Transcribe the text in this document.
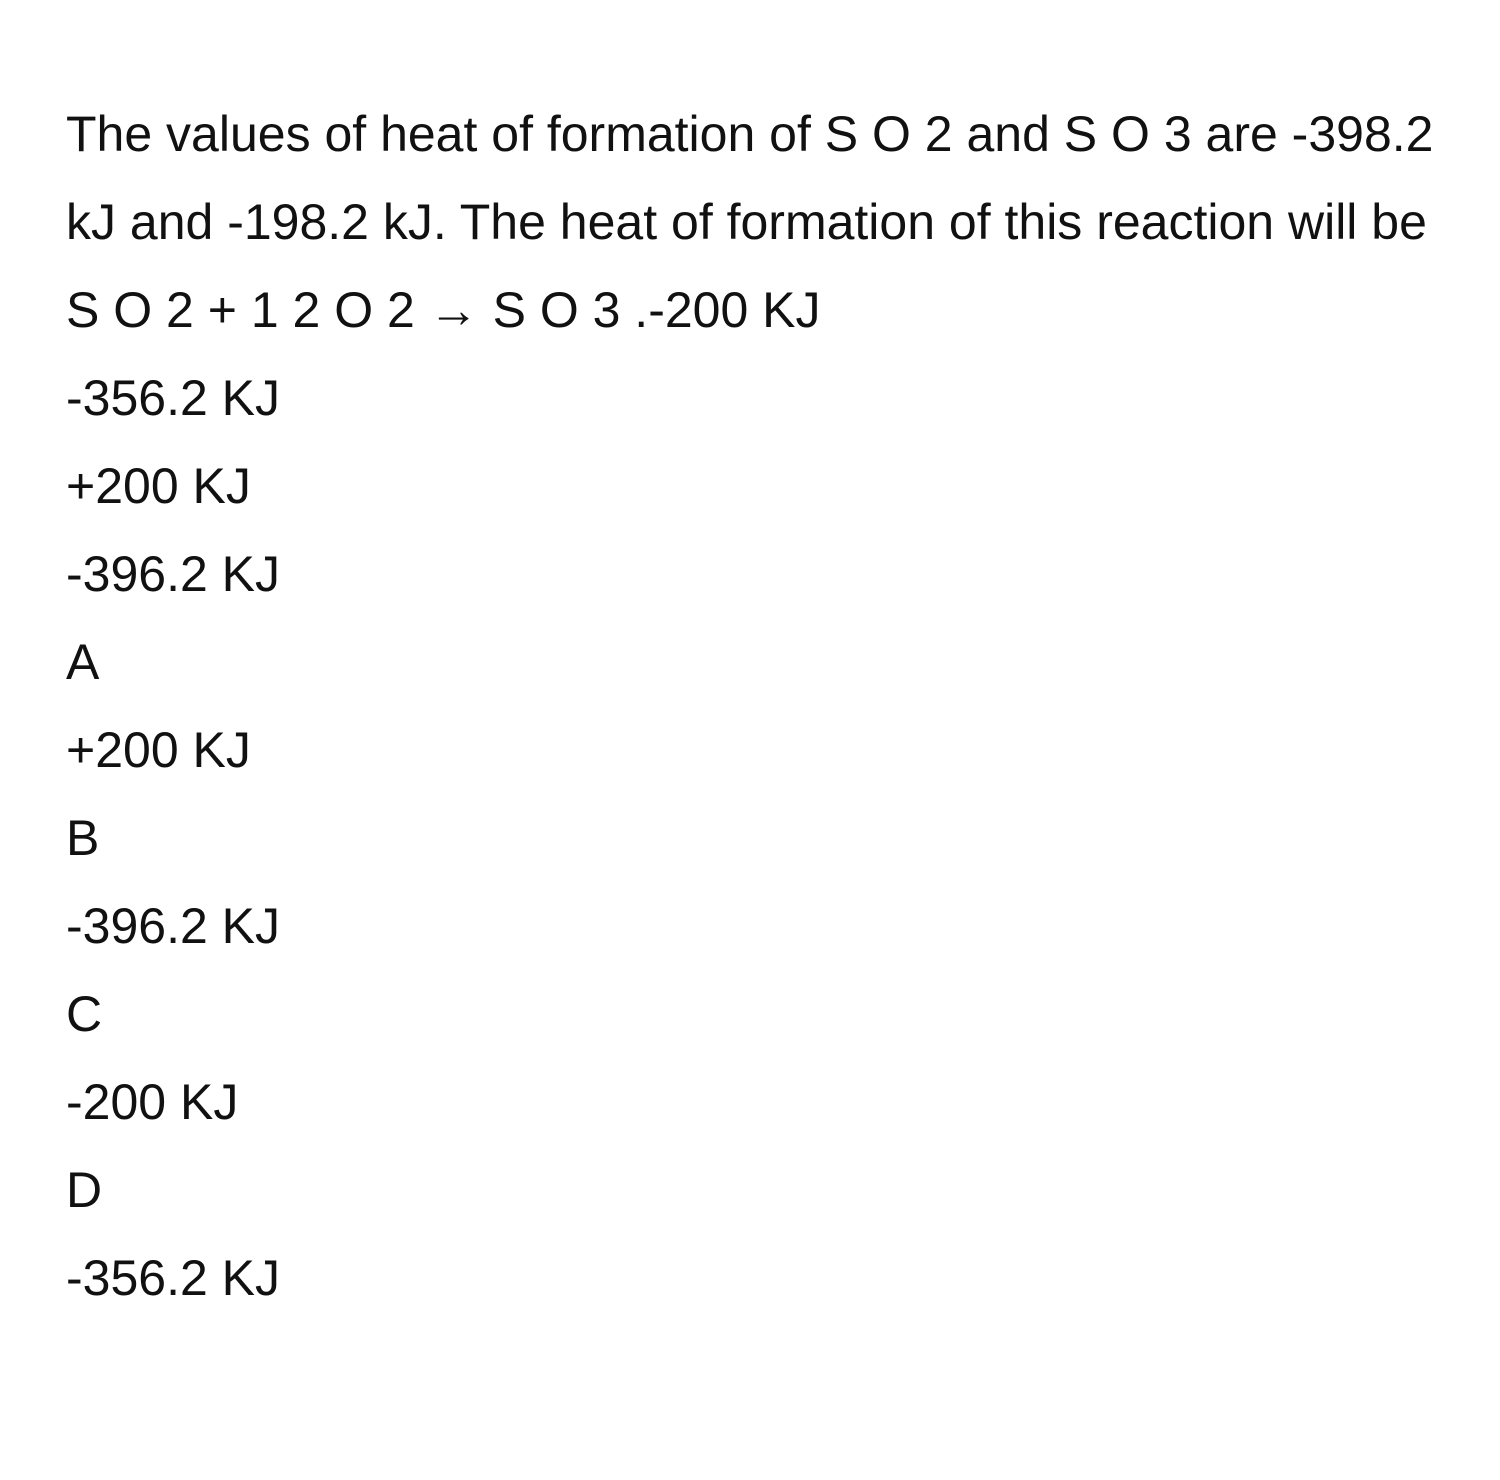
The values of heat of formation of S O 2 and S O 3 are -398.2 kJ and -198.2 kJ. The heat of formation of this reaction will be S O 2 + 1 2 O 2 → S O 3 .-200 KJ

-356.2 KJ

+200 KJ

-396.2 KJ

A

+200 KJ

B

-396.2 KJ

C

-200 KJ

D

-356.2 KJ
